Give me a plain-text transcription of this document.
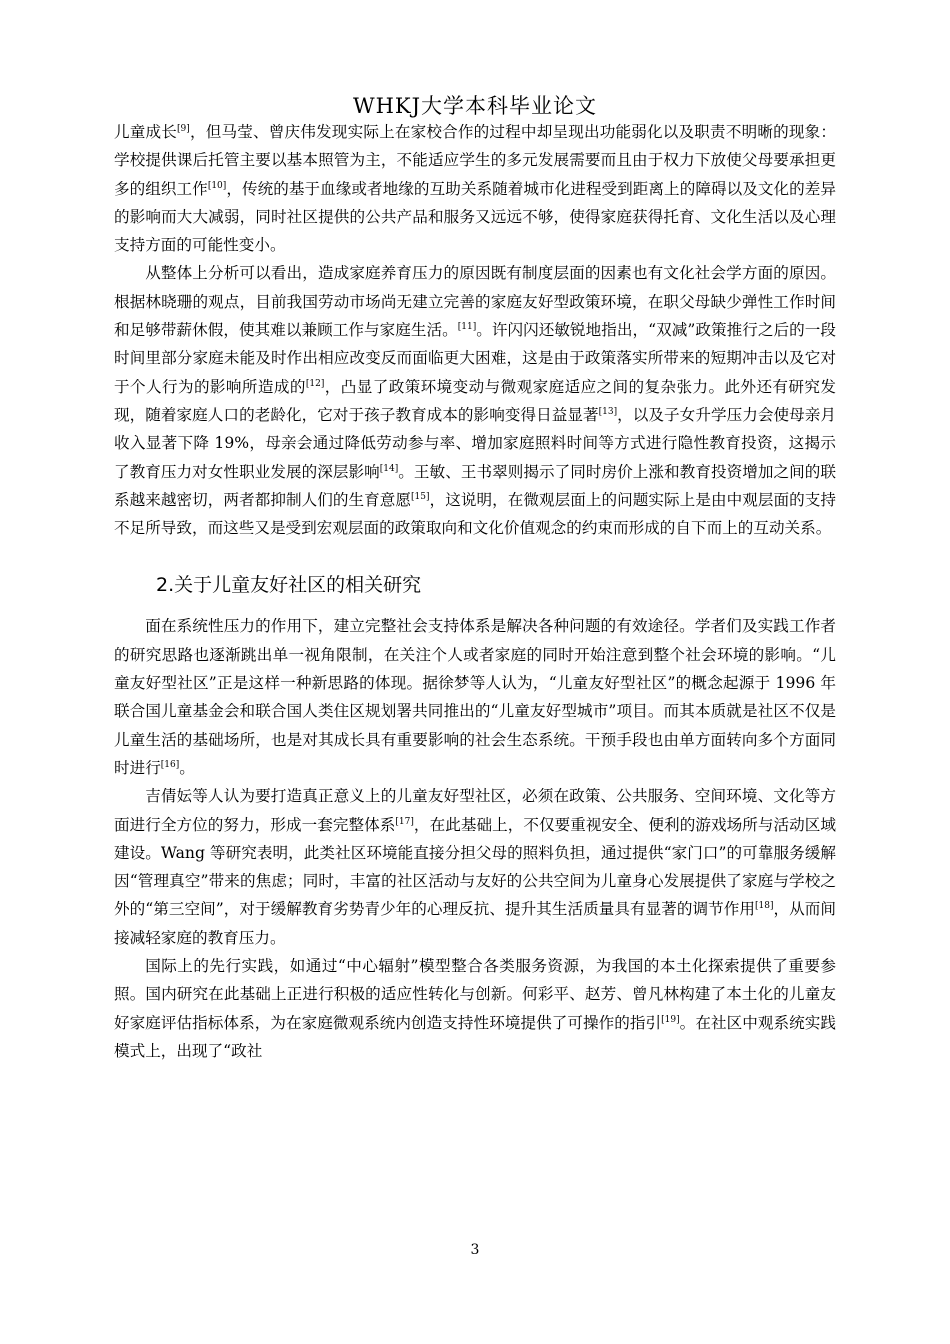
WHKJ大学本科毕业论文

儿童成长[9]，但马莹、曾庆伟发现实际上在家校合作的过程中却呈现出功能弱化以及职责不明晰的现象：学校提供课后托管主要以基本照管为主，不能适应学生的多元发展需要而且由于权力下放使父母要承担更多的组织工作[10]，传统的基于血缘或者地缘的互助关系随着城市化进程受到距离上的障碍以及文化的差异的影响而大大减弱，同时社区提供的公共产品和服务又远远不够，使得家庭获得托育、文化生活以及心理支持方面的可能性变小。

从整体上分析可以看出，造成家庭养育压力的原因既有制度层面的因素也有文化社会学方面的原因。根据林晓珊的观点，目前我国劳动市场尚无建立完善的家庭友好型政策环境，在职父母缺少弹性工作时间和足够带薪休假，使其难以兼顾工作与家庭生活。[11]。许闪闪还敏锐地指出，“双减”政策推行之后的一段时间里部分家庭未能及时作出相应改变反而面临更大困难，这是由于政策落实所带来的短期冲击以及它对于个人行为的影响所造成的[12]，凸显了政策环境变动与微观家庭适应之间的复杂张力。此外还有研究发现，随着家庭人口的老龄化，它对于孩子教育成本的影响变得日益显著[13]，以及子女升学压力会使母亲月收入显著下降 19%，母亲会通过降低劳动参与率、增加家庭照料时间等方式进行隐性教育投资，这揭示了教育压力对女性职业发展的深层影响[14]。王敏、王书翠则揭示了同时房价上涨和教育投资增加之间的联系越来越密切，两者都抑制人们的生育意愿[15]，这说明，在微观层面上的问题实际上是由中观层面的支持不足所导致，而这些又是受到宏观层面的政策取向和文化价值观念的约束而形成的自下而上的互动关系。

2.关于儿童友好社区的相关研究

面在系统性压力的作用下，建立完整社会支持体系是解决各种问题的有效途径。学者们及实践工作者的研究思路也逐渐跳出单一视角限制，在关注个人或者家庭的同时开始注意到整个社会环境的影响。“儿童友好型社区”正是这样一种新思路的体现。据徐梦等人认为，“儿童友好型社区”的概念起源于 1996 年联合国儿童基金会和联合国人类住区规划署共同推出的“儿童友好型城市”项目。而其本质就是社区不仅是儿童生活的基础场所，也是对其成长具有重要影响的社会生态系统。干预手段也由单方面转向多个方面同时进行[16]。

吉倩妘等人认为要打造真正意义上的儿童友好型社区，必须在政策、公共服务、空间环境、文化等方面进行全方位的努力，形成一套完整体系[17]，在此基础上，不仅要重视安全、便利的游戏场所与活动区域建设。Wang 等研究表明，此类社区环境能直接分担父母的照料负担，通过提供“家门口”的可靠服务缓解因“管理真空”带来的焦虑；同时，丰富的社区活动与友好的公共空间为儿童身心发展提供了家庭与学校之外的“第三空间”，对于缓解教育劣势青少年的心理反抗、提升其生活质量具有显著的调节作用[18]，从而间接减轻家庭的教育压力。

国际上的先行实践，如通过“中心辐射”模型整合各类服务资源，为我国的本土化探索提供了重要参照。国内研究在此基础上正进行积极的适应性转化与创新。何彩平、赵芳、曾凡林构建了本土化的儿童友好家庭评估指标体系，为在家庭微观系统内创造支持性环境提供了可操作的指引[19]。在社区中观系统实践模式上，出现了“政社

3
